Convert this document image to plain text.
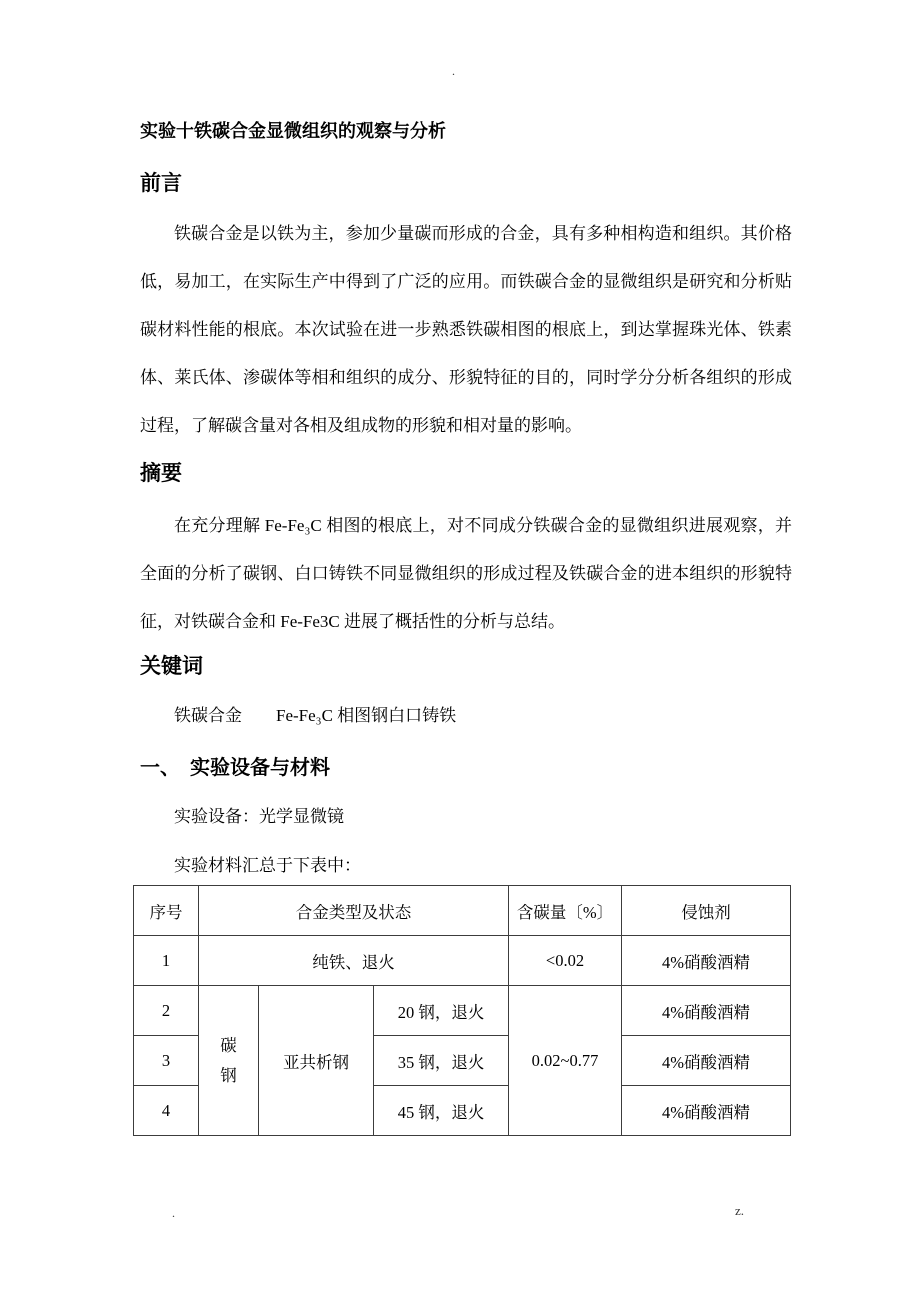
.
实验十铁碳合金显微组织的观察与分析
前言

铁碳合金是以铁为主，参加少量碳而形成的合金，具有多种相构造和组织。其价格低，易加工，在实际生产中得到了广泛的应用。而铁碳合金的显微组织是研究和分析贴碳材料性能的根底。本次试验在进一步熟悉铁碳相图的根底上，到达掌握珠光体、铁素体、莱氏体、渗碳体等相和组织的成分、形貌特征的目的，同时学分分析各组织的形成过程，了解碳含量对各相及组成物的形貌和相对量的影响。

摘要

在充分理解 Fe-Fe₃C 相图的根底上，对不同成分铁碳合金的显微组织进展观察，并全面的分析了碳钢、白口铸铁不同显微组织的形成过程及铁碳合金的进本组织的形貌特征，对铁碳合金和 Fe-Fe3C 进展了概括性的分析与总结。

关键词

铁碳合金　　Fe-Fe₃C 相图钢白口铸铁

一、　实验设备与材料

实验设备：光学显微镜

实验材料汇总于下表中：

序号	合金类型及状态			含碳量〔%〕	侵蚀剂
1	纯铁、退火			<0.02	4%硝酸酒精
2	碳钢	亚共析钢	20 钢，退火	0.02~0.77	4%硝酸酒精
3			35 钢，退火		4%硝酸酒精
4			45 钢，退火		4%硝酸酒精
.	z.
